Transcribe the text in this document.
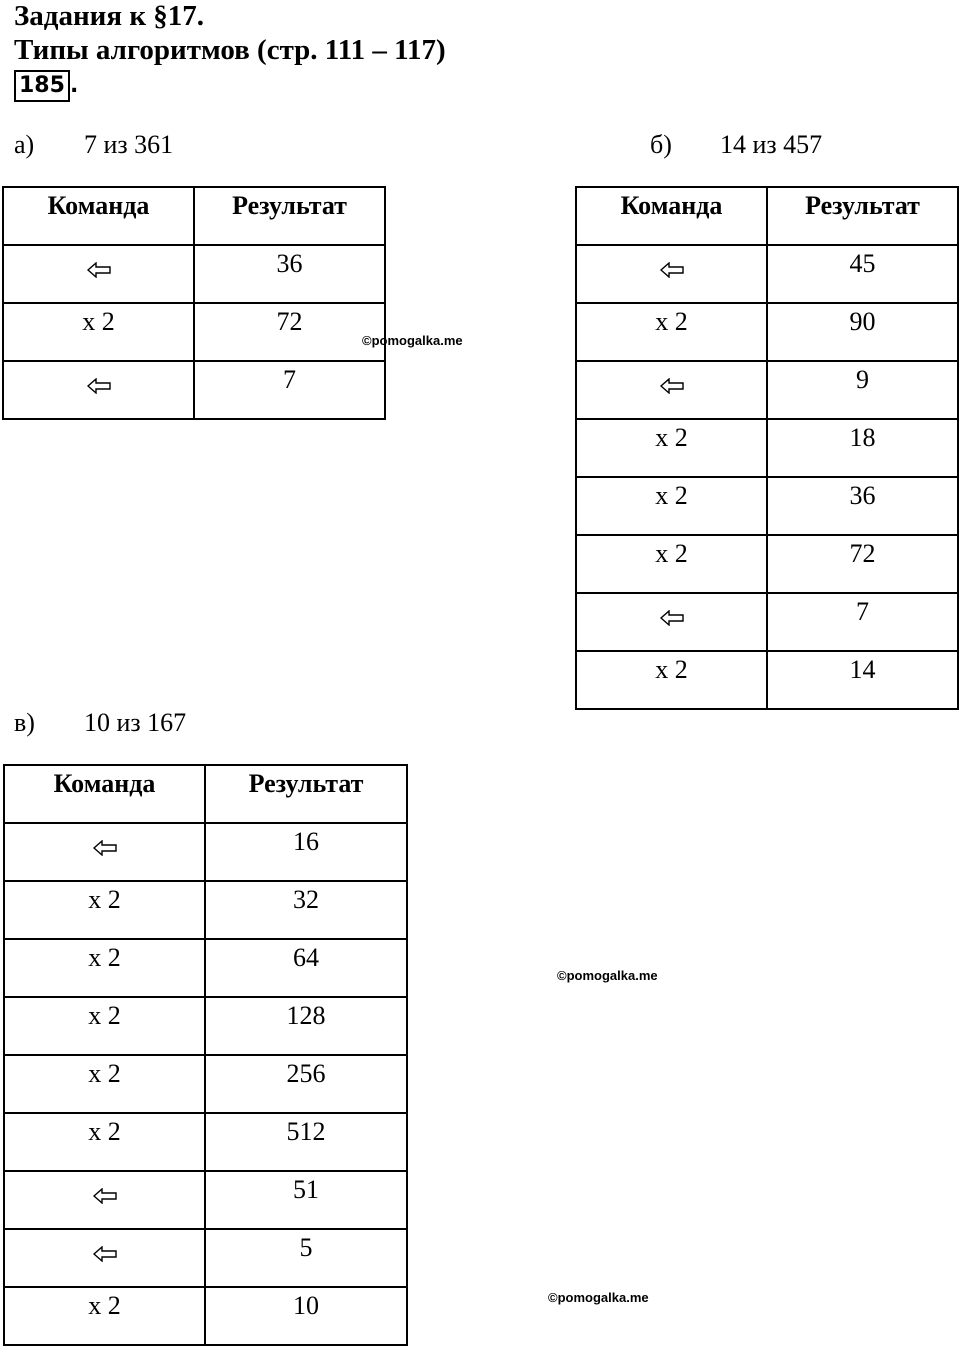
Задания к §17.
Типы алгоритмов (стр. 111 – 117)
185 .
а) 7 из 361
Команда	Результат
	36
x 2	72
	7
б) 14 из 457
Команда	Результат
	45
x 2	90
	9
x 2	18
x 2	36
x 2	72
	7
x 2	14
в) 10 из 167
Команда	Результат
	16
x 2	32
x 2	64
x 2	128
x 2	256
x 2	512
	51
	5
x 2	10
©pomogalka.me
©pomogalka.me
©pomogalka.me
